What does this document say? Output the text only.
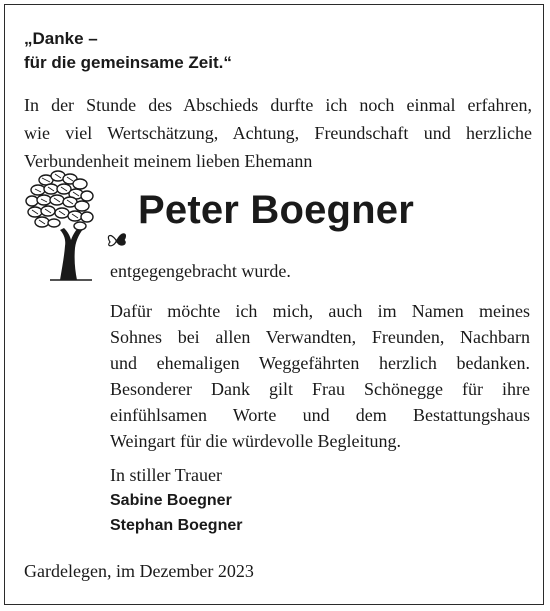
„Danke –
für die gemeinsame Zeit.“
In der Stunde des Abschieds durfte ich noch einmal erfahren,
wie viel Wertschätzung, Achtung, Freundschaft und herzliche
Verbundenheit meinem lieben Ehemann
Peter Boegner
entgegengebracht wurde.
Dafür möchte ich mich, auch im Namen meines
Sohnes bei allen Verwandten, Freunden, Nachbarn
und ehemaligen Weggefährten herzlich bedanken.
Besonderer Dank gilt Frau Schönegge für ihre
einfühlsamen Worte und dem Bestattungshaus
Weingart für die würdevolle Begleitung.
In stiller Trauer
Sabine Boegner
Stephan Boegner
Gardelegen, im Dezember 2023
